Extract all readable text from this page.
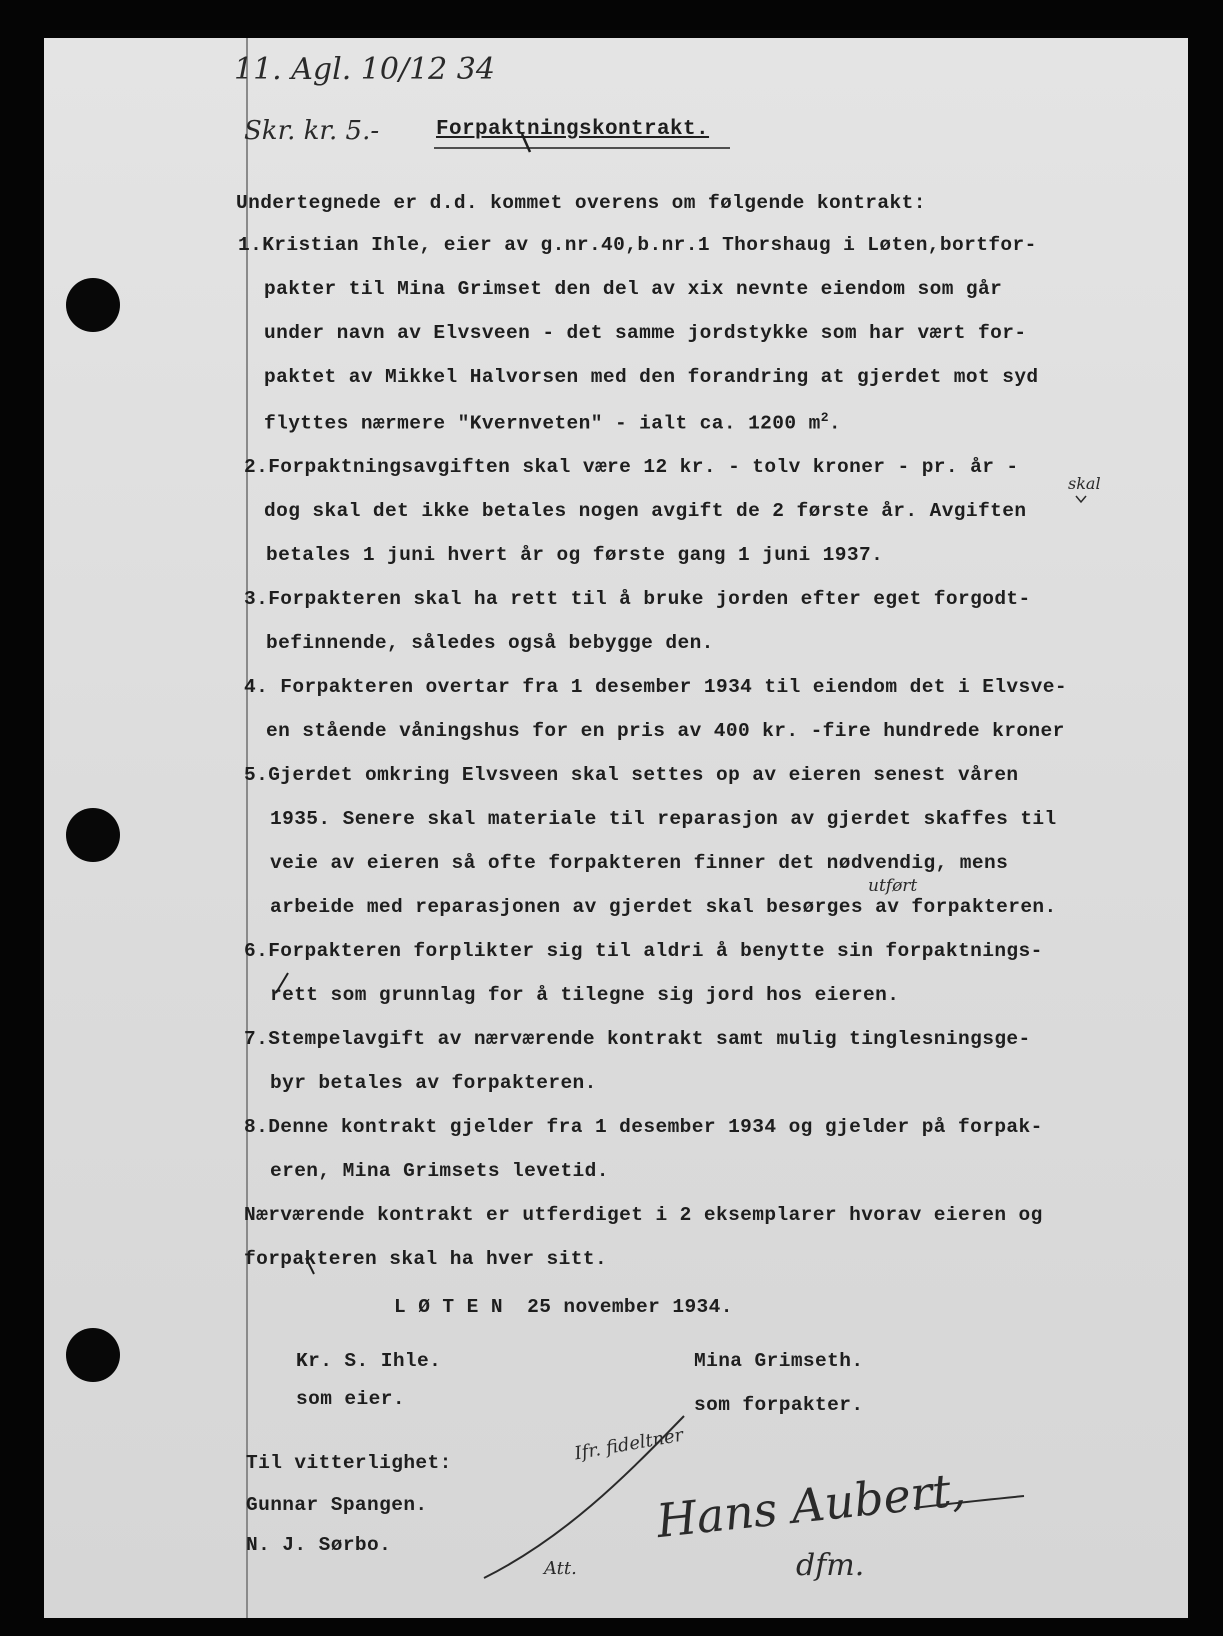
11. Agl. 10/12 34
Skr. kr. 5.-	Forpaktningskontrakt.
Undertegnede er d.d. kommet overens om følgende kontrakt:
1.Kristian Ihle, eier av g.nr.40,b.nr.1 Thorshaug i Løten,bortfor-
pakter til Mina Grimset den del av xix nevnte eiendom som går
under navn av Elvsveen - det samme jordstykke som har vært for-
paktet av Mikkel Halvorsen med den forandring at gjerdet mot syd
flyttes nærmere "Kvernveten" - ialt ca. 1200 $m^2$.
2.Forpaktningsavgiften skal være 12 kr. - tolv kroner - pr. år -
dog skal det ikke betales nogen avgift de 2 første år. Avgiften
skal
betales 1 juni hvert år og første gang 1 juni 1937.
3.Forpakteren skal ha rett til å bruke jorden efter eget forgodt-
befinnende, således også bebygge den.
4. Forpakteren overtar fra 1 desember 1934 til eiendom det i Elvsve-
en stående våningshus for en pris av 400 kr. -fire hundrede kroner
5.Gjerdet omkring Elvsveen skal settes op av eieren senest våren
1935. Senere skal materiale til reparasjon av gjerdet skaffes til
veie av eieren så ofte forpakteren finner det nødvendig, mens
utført
arbeide med reparasjonen av gjerdet skal besørges av forpakteren.
6.Forpakteren forplikter sig til aldri å benytte sin forpaktnings-
rett som grunnlag for å tilegne sig jord hos eieren.
7.Stempelavgift av nærværende kontrakt samt mulig tinglesningsge-
byr betales av forpakteren.
8.Denne kontrakt gjelder fra 1 desember 1934 og gjelder på forpak-
eren, Mina Grimsets levetid.
Nærværende kontrakt er utferdiget i 2 eksemplarer hvorav eieren og
forpakteren skal ha hver sitt.
L Ø T E N  25 november 1934.
Kr. S. Ihle.
som eier.
Mina Grimseth.
som forpakter.
Til vitterlighet:
Gunnar Spangen.
N. J. Sørbo.
Ifr. fideltner
Hans Aubert,
dfm.
Att.
